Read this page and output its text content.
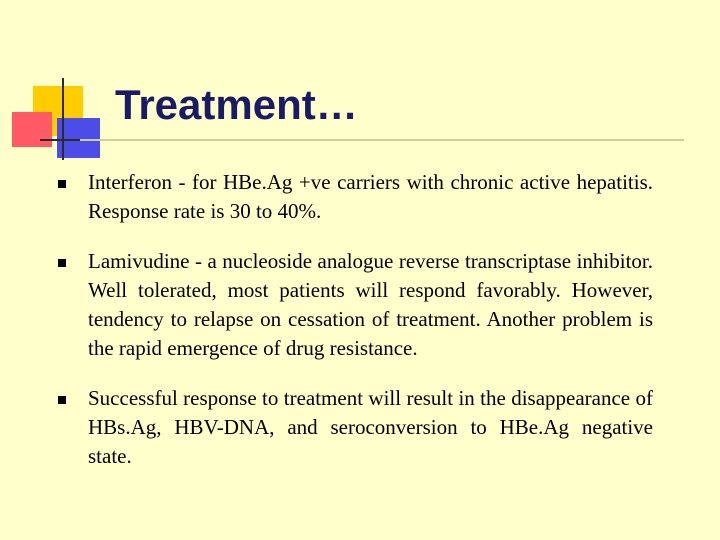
Treatment…
Interferon - for HBe.Ag +ve carriers with chronic active hepatitis. Response rate is 30 to 40%.
Lamivudine - a nucleoside analogue reverse transcriptase inhibitor. Well tolerated, most patients will respond favorably. However, tendency to relapse on cessation of treatment. Another problem is the rapid emergence of drug resistance.
Successful response to treatment will result in the disappearance of HBs.Ag, HBV-DNA, and seroconversion to HBe.Ag negative state.
